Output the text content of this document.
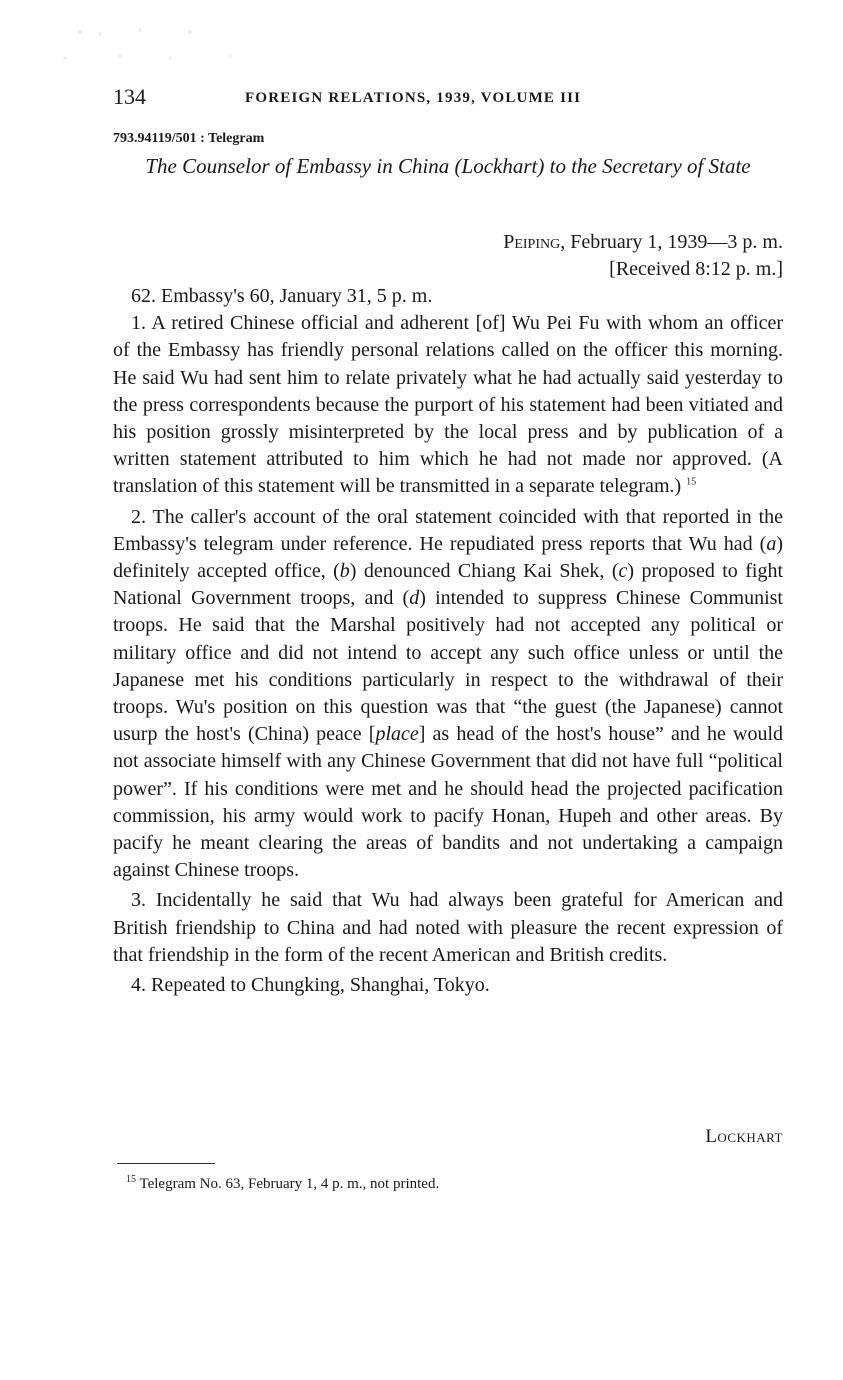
134	FOREIGN RELATIONS, 1939, VOLUME III
793.94119/501 : Telegram
The Counselor of Embassy in China (Lockhart) to the Secretary of State
Peiping, February 1, 1939—3 p. m.
[Received 8:12 p. m.]

62. Embassy's 60, January 31, 5 p. m.

1. A retired Chinese official and adherent [of] Wu Pei Fu with whom an officer of the Embassy has friendly personal relations called on the officer this morning. He said Wu had sent him to relate privately what he had actually said yesterday to the press correspondents because the purport of his statement had been vitiated and his position grossly misinterpreted by the local press and by publication of a written statement attributed to him which he had not made nor approved. (A translation of this statement will be transmitted in a separate telegram.) $^{15}$

2. The caller's account of the oral statement coincided with that reported in the Embassy's telegram under reference. He repudiated press reports that Wu had (a) definitely accepted office, (b) denounced Chiang Kai Shek, (c) proposed to fight National Government troops, and (d) intended to suppress Chinese Communist troops. He said that the Marshal positively had not accepted any political or military office and did not intend to accept any such office unless or until the Japanese met his conditions particularly in respect to the withdrawal of their troops. Wu's position on this question was that “the guest (the Japanese) cannot usurp the host's (China) peace [place] as head of the host's house” and he would not associate himself with any Chinese Government that did not have full “political power”. If his conditions were met and he should head the projected pacification commission, his army would work to pacify Honan, Hupeh and other areas. By pacify he meant clearing the areas of bandits and not undertaking a campaign against Chinese troops.

3. Incidentally he said that Wu had always been grateful for American and British friendship to China and had noted with pleasure the recent expression of that friendship in the form of the recent American and British credits.

4. Repeated to Chungking, Shanghai, Tokyo.

Lockhart
$^{15}$ Telegram No. 63, February 1, 4 p. m., not printed.
